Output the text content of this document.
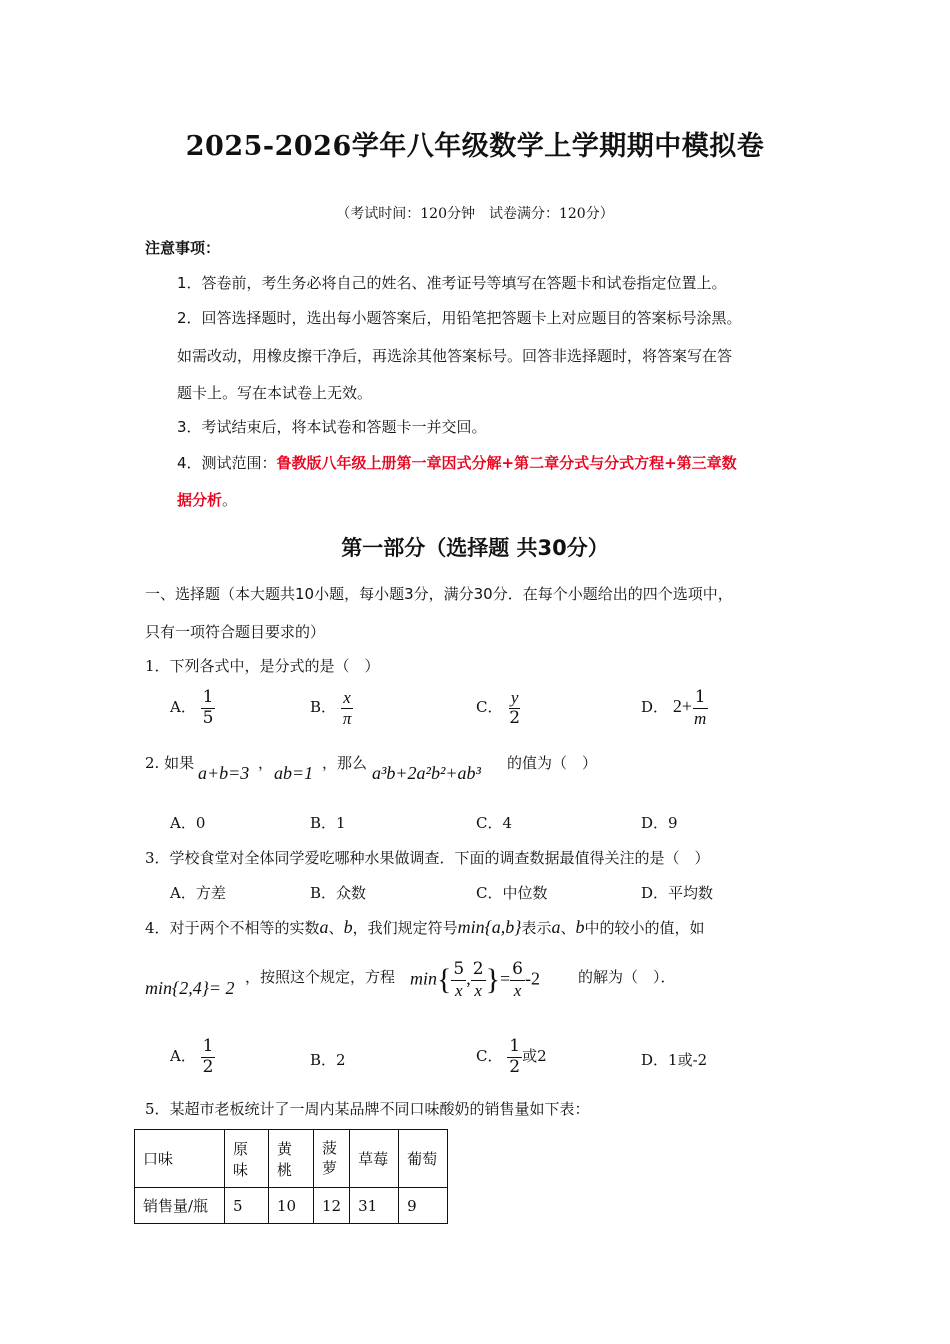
2025-2026学年八年级数学上学期期中模拟卷
（考试时间：120分钟　试卷满分：120分）
注意事项：
1．答卷前，考生务必将自己的姓名、准考证号等填写在答题卡和试卷指定位置上。
2．回答选择题时，选出每小题答案后，用铅笔把答题卡上对应题目的答案标号涂黑。
如需改动，用橡皮擦干净后，再选涂其他答案标号。回答非选择题时，将答案写在答
题卡上。写在本试卷上无效。
3．考试结束后，将本试卷和答题卡一并交回。
4．测试范围：鲁教版八年级上册第一章因式分解+第二章分式与分式方程+第三章数
据分析。
第一部分（选择题 共30分）
一、选择题（本大题共10小题，每小题3分，满分30分．在每个小题给出的四个选项中，
只有一项符合题目要求的）
1．下列各式中，是分式的是（　）
A． $\frac{1}{5}$	B． $\frac{x}{\pi}$	C． $\frac{y}{2}$	D． $2+ \frac{1}{m}$
2. 如果 a+b=3 ， ab=1 ，那么 a³b+2a²b²+ab³ 的值为（　）
A．0	B．1	C．4	D．9
3．学校食堂对全体同学爱吃哪种水果做调查．下面的调查数据最值得关注的是（　）
A．方差	B．众数	C．中位数	D．平均数
4．对于两个不相等的实数a、b，我们规定符号min{a,b}表示a、b中的较小的值，如
min{2,4}= 2
，按照这个规定，方程 $\min\{ \frac{5}{x}$ , $\frac{2}{x}$ }= $\frac{6}{x} -2$	的解为（　）．
A． $\frac{1}{2}$	B．2	C． $\frac{1}{2}$ 或2	D．1或-2
5．某超市老板统计了一周内某品牌不同口味酸奶的销售量如下表：
口味	原味	黄桃	菠萝	草莓	葡萄
销售量/瓶	5	10	12	31	9
